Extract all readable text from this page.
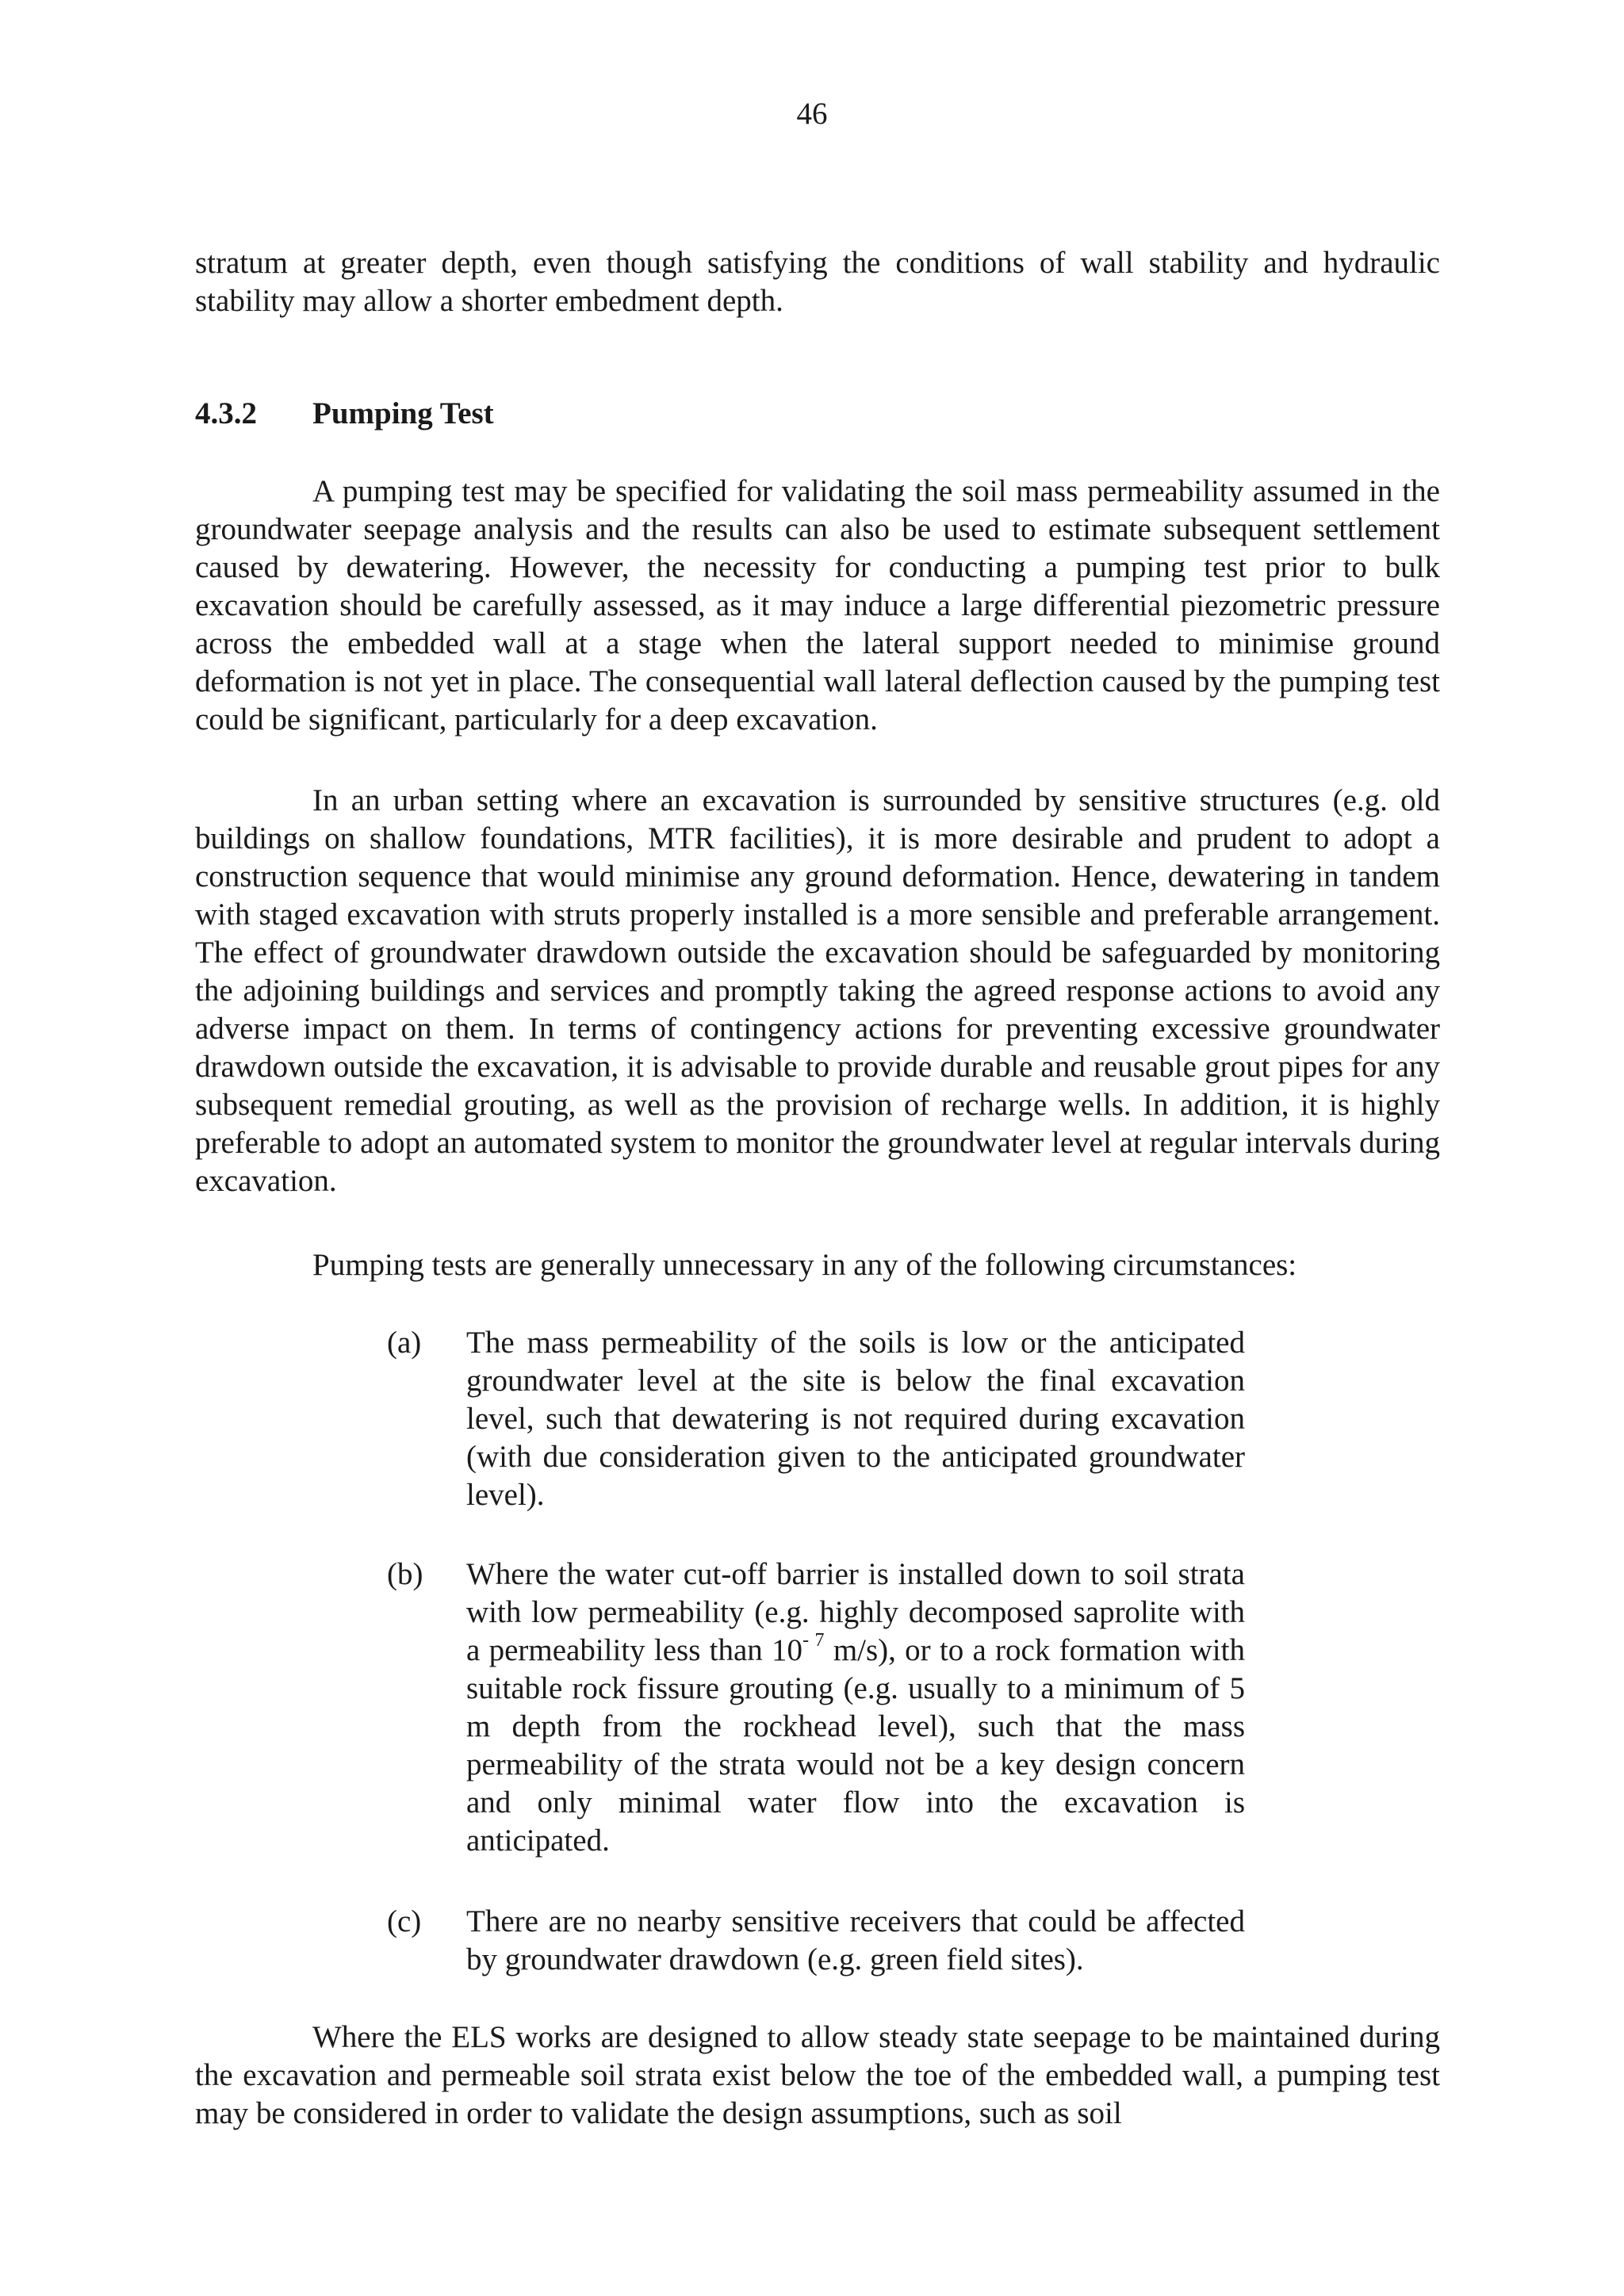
46

stratum at greater depth, even though satisfying the conditions of wall stability and hydraulic stability may allow a shorter embedment depth.

4.3.2 Pumping Test

A pumping test may be specified for validating the soil mass permeability assumed in the groundwater seepage analysis and the results can also be used to estimate subsequent settlement caused by dewatering. However, the necessity for conducting a pumping test prior to bulk excavation should be carefully assessed, as it may induce a large differential piezometric pressure across the embedded wall at a stage when the lateral support needed to minimise ground deformation is not yet in place. The consequential wall lateral deflection caused by the pumping test could be significant, particularly for a deep excavation.

In an urban setting where an excavation is surrounded by sensitive structures (e.g. old buildings on shallow foundations, MTR facilities), it is more desirable and prudent to adopt a construction sequence that would minimise any ground deformation. Hence, dewatering in tandem with staged excavation with struts properly installed is a more sensible and preferable arrangement. The effect of groundwater drawdown outside the excavation should be safeguarded by monitoring the adjoining buildings and services and promptly taking the agreed response actions to avoid any adverse impact on them. In terms of contingency actions for preventing excessive groundwater drawdown outside the excavation, it is advisable to provide durable and reusable grout pipes for any subsequent remedial grouting, as well as the provision of recharge wells. In addition, it is highly preferable to adopt an automated system to monitor the groundwater level at regular intervals during excavation.

Pumping tests are generally unnecessary in any of the following circumstances:

(a)	The mass permeability of the soils is low or the anticipated groundwater level at the site is below the final excavation level, such that dewatering is not required during excavation (with due consideration given to the anticipated groundwater level).

(b)	Where the water cut-off barrier is installed down to soil strata with low permeability (e.g. highly decomposed saprolite with a permeability less than $10^{- 7}$ m/s), or to a rock formation with suitable rock fissure grouting (e.g. usually to a minimum of 5 m depth from the rockhead level), such that the mass permeability of the strata would not be a key design concern and only minimal water flow into the excavation is anticipated.

(c)	There are no nearby sensitive receivers that could be affected by groundwater drawdown (e.g. green field sites).

Where the ELS works are designed to allow steady state seepage to be maintained during the excavation and permeable soil strata exist below the toe of the embedded wall, a pumping test may be considered in order to validate the design assumptions, such as soil
